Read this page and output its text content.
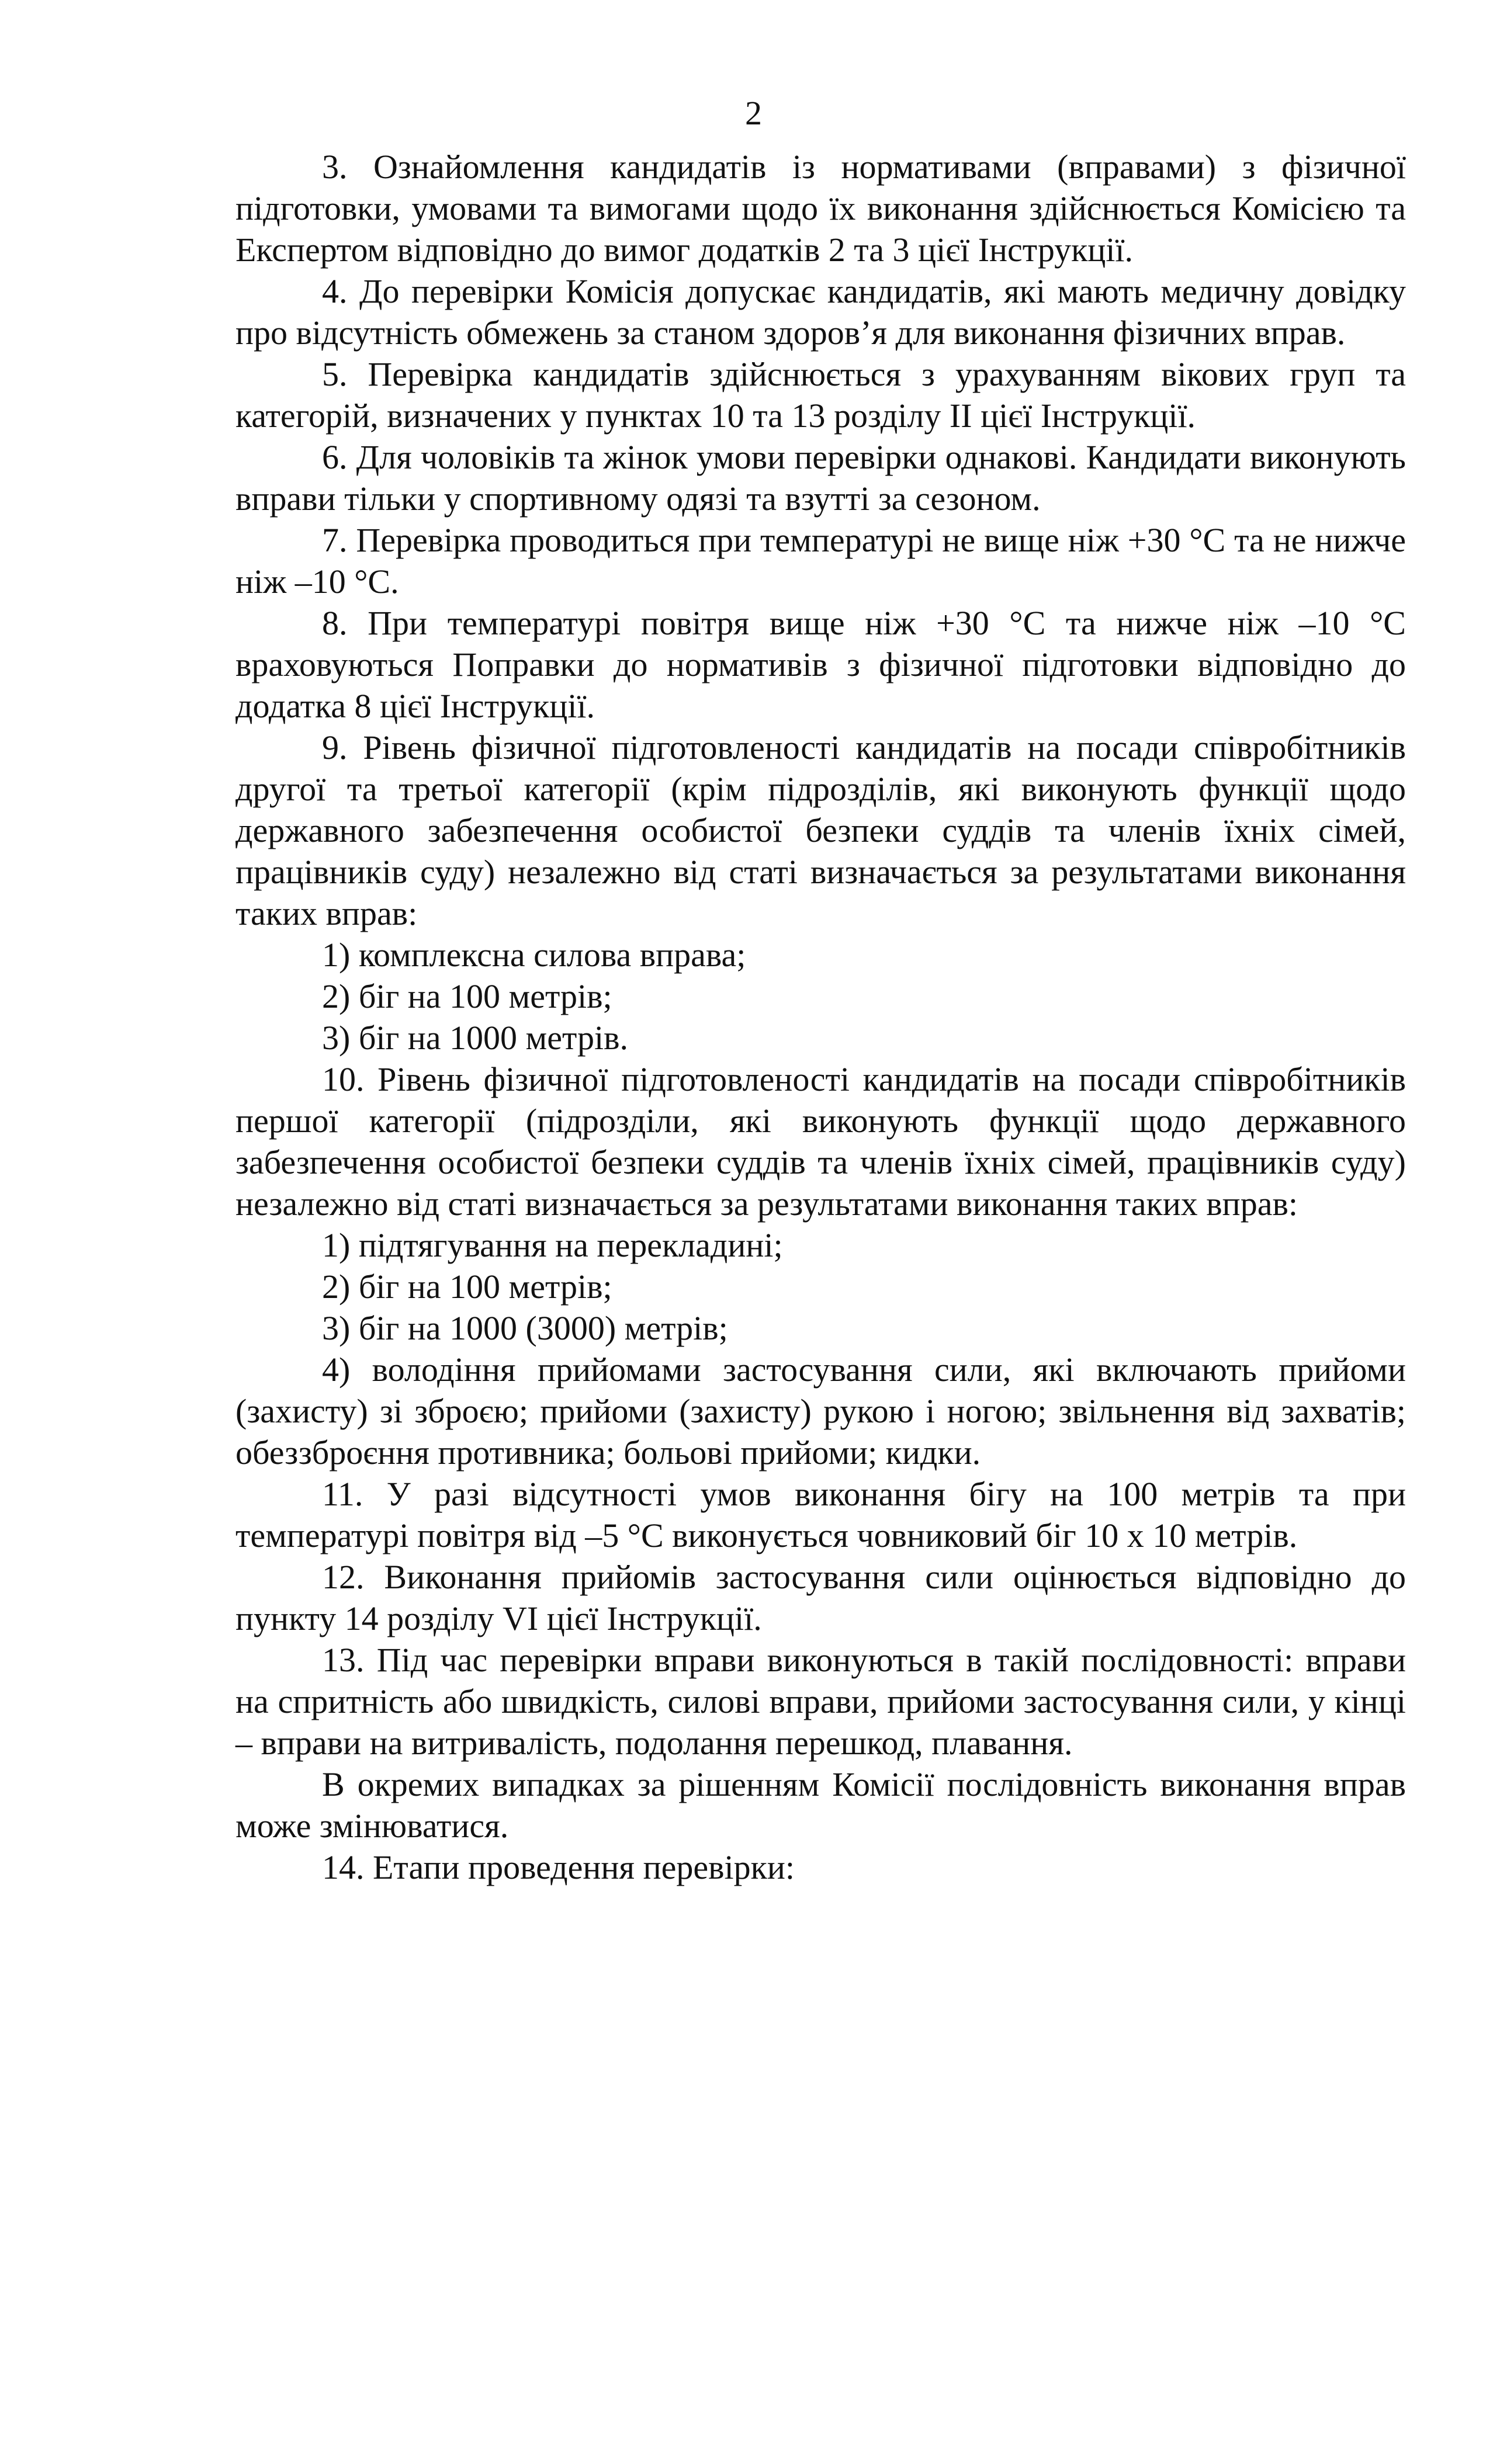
2

3. Ознайомлення кандидатів із нормативами (вправами) з фізичної підготовки, умовами та вимогами щодо їх виконання здійснюється Комісією та Експертом відповідно до вимог додатків 2 та 3 цієї Інструкції.

4. До перевірки Комісія допускає кандидатів, які мають медичну довідку про відсутність обмежень за станом здоров’я для виконання фізичних вправ.

5. Перевірка кандидатів здійснюється з урахуванням вікових груп та категорій, визначених у пунктах 10 та 13 розділу ІІ цієї Інструкції.

6. Для чоловіків та жінок умови перевірки однакові. Кандидати виконують вправи тільки у спортивному одязі та взутті за сезоном.

7. Перевірка проводиться при температурі не вище ніж +30 °С та не нижче ніж –10 °С.

8. При температурі повітря вище ніж +30 °С та нижче ніж –10 °С враховуються Поправки до нормативів з фізичної підготовки відповідно до додатка 8 цієї Інструкції.

9. Рівень фізичної підготовленості кандидатів на посади співробітників другої та третьої категорії (крім підрозділів, які виконують функції щодо державного забезпечення особистої безпеки суддів та членів їхніх сімей, працівників суду) незалежно від статі визначається за результатами виконання таких вправ:

1) комплексна силова вправа;

2) біг на 100 метрів;

3) біг на 1000 метрів.

10. Рівень фізичної підготовленості кандидатів на посади співробітників першої категорії (підрозділи, які виконують функції щодо державного забезпечення особистої безпеки суддів та членів їхніх сімей, працівників суду) незалежно від статі визначається за результатами виконання таких вправ:

1) підтягування на перекладині;

2) біг на 100 метрів;

3) біг на 1000 (3000) метрів;

4) володіння прийомами застосування сили, які включають прийоми (захисту) зі зброєю; прийоми (захисту) рукою і ногою; звільнення від захватів; обеззброєння противника; больові прийоми; кидки.

11. У разі відсутності умов виконання бігу на 100 метрів та при температурі повітря від –5 °С виконується човниковий біг 10 х 10 метрів.

12. Виконання прийомів застосування сили оцінюється відповідно до пункту 14 розділу VI цієї Інструкції.

13. Під час перевірки вправи виконуються в такій послідовності: вправи на спритність або швидкість, силові вправи, прийоми застосування сили, у кінці – вправи на витривалість, подолання перешкод, плавання.

В окремих випадках за рішенням Комісії послідовність виконання вправ може змінюватися.

14. Етапи проведення перевірки:
